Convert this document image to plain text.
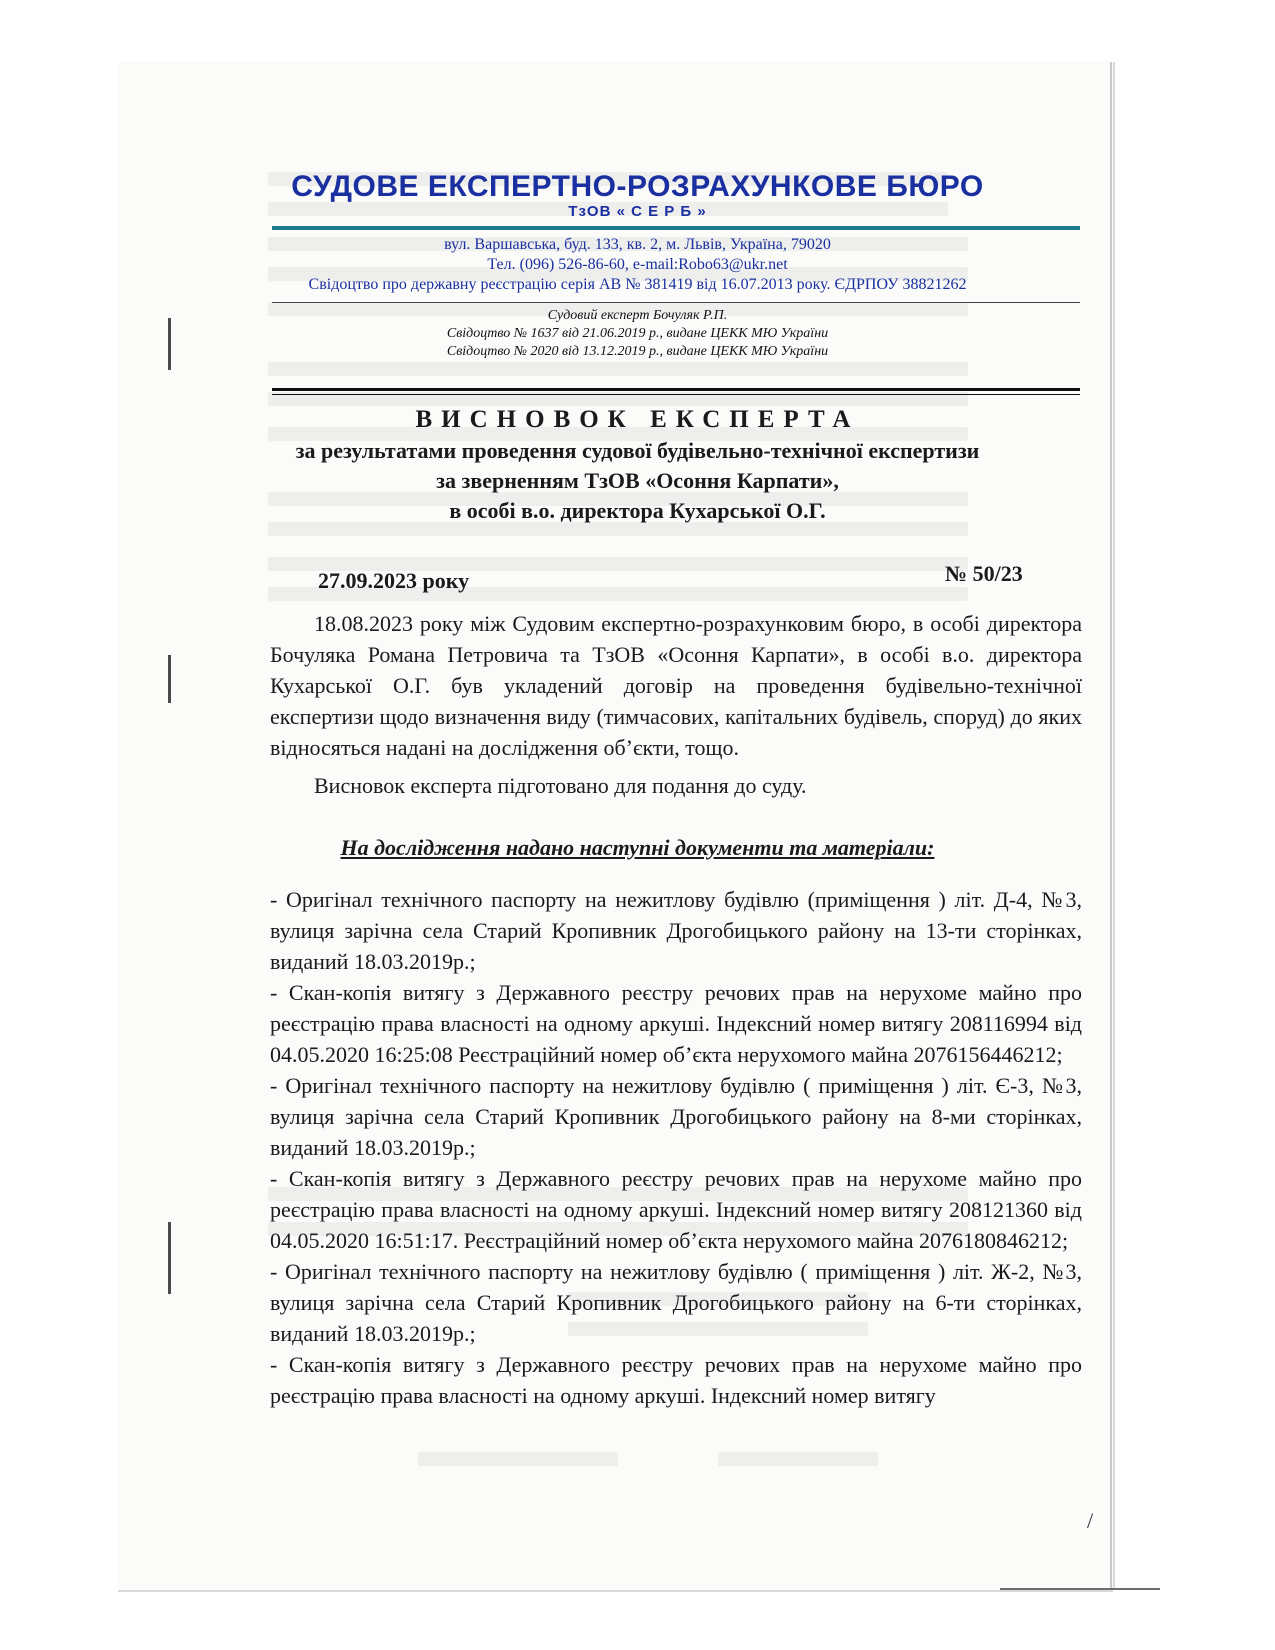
СУДОВЕ ЕКСПЕРТНО-РОЗРАХУНКОВЕ БЮРО
ТзОВ « С Е Р Б »
вул. Варшавська, буд. 133, кв. 2, м. Львів, Україна, 79020
Тел. (096) 526-86-60, e-mail:Robo63@ukr.net
Свідоцтво про державну реєстрацію серія АВ № 381419 від 16.07.2013 року. ЄДРПОУ 38821262
Судовий експерт Бочуляк Р.П.
Свідоцтво № 1637 від 21.06.2019 р., видане ЦЕКК МЮ України
Свідоцтво № 2020 від 13.12.2019 р., видане ЦЕКК МЮ України
ВИСНОВОК ЕКСПЕРТА
за результатами проведення судової будівельно-технічної експертизи
за зверненням ТзОВ «Осоння Карпати»,
в особі в.о. директора Кухарської О.Г.
27.09.2023 року	№ 50/23
18.08.2023 року між Судовим експертно-розрахунковим бюро, в особі директора Бочуляка Романа Петровича та ТзОВ «Осоння Карпати», в особі в.о. директора Кухарської О.Г. був укладений договір на проведення будівельно-технічної експертизи щодо визначення виду (тимчасових, капітальних будівель, споруд) до яких відносяться надані на дослідження об’єкти, тощо.
Висновок експерта підготовано для подання до суду.
На дослідження надано наступні документи та матеріали:

- Оригінал технічного паспорту на нежитлову будівлю (приміщення ) літ. Д-4, №3, вулиця зарічна села Старий Кропивник Дрогобицького району на 13-ти сторінках, виданий 18.03.2019р.;

- Скан-копія витягу з Державного реєстру речових прав на нерухоме майно про реєстрацію права власності на одному аркуші. Індексний номер витягу 208116994 від 04.05.2020 16:25:08 Реєстраційний номер об’єкта нерухомого майна 2076156446212;

- Оригінал технічного паспорту на нежитлову будівлю ( приміщення ) літ. Є-3, №3, вулиця зарічна села Старий Кропивник Дрогобицького району на 8-ми сторінках, виданий 18.03.2019р.;

- Скан-копія витягу з Державного реєстру речових прав на нерухоме майно про реєстрацію права власності на одному аркуші. Індексний номер витягу 208121360 від 04.05.2020 16:51:17. Реєстраційний номер об’єкта нерухомого майна 2076180846212;

- Оригінал технічного паспорту на нежитлову будівлю ( приміщення ) літ. Ж-2, №3, вулиця зарічна села Старий Кропивник Дрогобицького району на 6-ти сторінках, виданий 18.03.2019р.;

- Скан-копія витягу з Державного реєстру речових прав на нерухоме майно про реєстрацію права власності на одному аркуші. Індексний номер витягу

/
